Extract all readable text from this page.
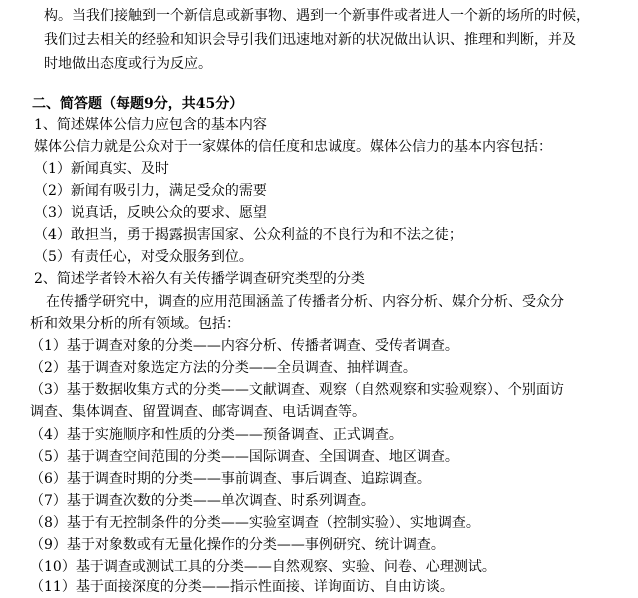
构。当我们接触到一个新信息或新事物、遇到一个新事件或者进人一个新的场所的时候，
我们过去相关的经验和知识会导引我们迅速地对新的状况做出认识、推理和判断，并及
时地做出态度或行为反应。
二、简答题（每题9分，共45分）
1、简述媒体公信力应包含的基本内容
媒体公信力就是公众对于一家媒体的信任度和忠诚度。媒体公信力的基本内容包括：
（1）新闻真实、及时
（2）新闻有吸引力，满足受众的需要
（3）说真话，反映公众的要求、愿望
（4）敢担当，勇于揭露损害国家、公众利益的不良行为和不法之徒；
（5）有责任心，对受众服务到位。
2、简述学者铃木裕久有关传播学调查研究类型的分类
在传播学研究中，调查的应用范围涵盖了传播者分析、内容分析、媒介分析、受众分
析和效果分析的所有领域。包括：
（1）基于调查对象的分类——内容分析、传播者调查、受传者调查。
（2）基于调查对象选定方法的分类——全员调查、抽样调查。
（3）基于数据收集方式的分类——文献调查、观察（自然观察和实验观察）、个别面访
调查、集体调查、留置调查、邮寄调查、电话调查等。
（4）基于实施顺序和性质的分类——预备调查、正式调查。
（5）基于调查空间范围的分类——国际调查、全国调查、地区调查。
（6）基于调查时期的分类——事前调查、事后调查、追踪调查。
（7）基于调查次数的分类——单次调查、时系列调查。
（8）基于有无控制条件的分类——实验室调查（控制实验）、实地调查。
（9）基于对象数或有无量化操作的分类——事例研究、统计调查。
（10）基于调查或测试工具的分类——自然观察、实验、问卷、心理测试。
（11）基于面接深度的分类——指示性面接、详询面访、自由访谈。
